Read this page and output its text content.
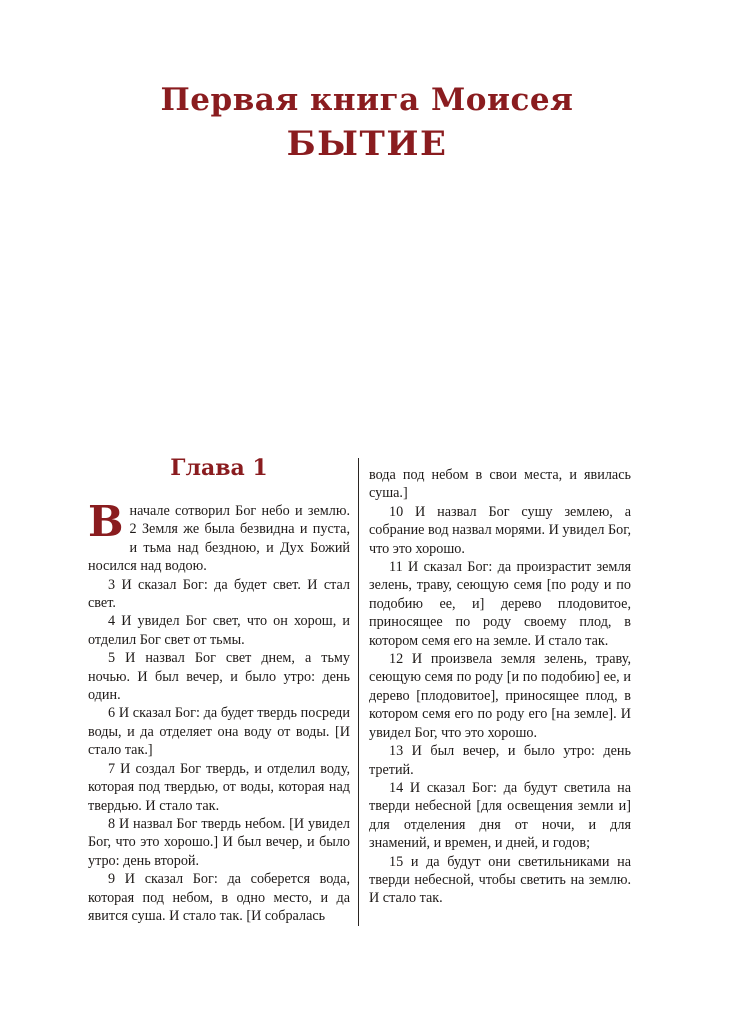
Первая книга Моисея
БЫТИЕ
Глава 1

Вначале сотворил Бог небо и землю. 2 Земля же была безвидна и пуста, и тьма над бездною, и Дух Божий носился над водою.

3 И сказал Бог: да будет свет. И стал свет.

4 И увидел Бог свет, что он хорош, и отделил Бог свет от тьмы.

5 И назвал Бог свет днем, а тьму ночью. И был вечер, и было утро: день один.

6 И сказал Бог: да будет твердь посреди воды, и да отделяет она воду от воды. [И стало так.]

7 И создал Бог твердь, и отделил воду, которая под твердью, от воды, которая над твердью. И стало так.

8 И назвал Бог твердь небом. [И увидел Бог, что это хорошо.] И был вечер, и было утро: день второй.

9 И сказал Бог: да соберется вода, которая под небом, в одно место, и да явится суша. И стало так. [И собралась

вода под небом в свои места, и явилась суша.]

10 И назвал Бог сушу землею, а собрание вод назвал морями. И увидел Бог, что это хорошо.

11 И сказал Бог: да произрастит земля зелень, траву, сеющую семя [по роду и по подобию ее, и] дерево плодовитое, приносящее по роду своему плод, в котором семя его на земле. И стало так.

12 И произвела земля зелень, траву, сеющую семя по роду [и по подобию] ее, и дерево [плодовитое], приносящее плод, в котором семя его по роду его [на земле]. И увидел Бог, что это хорошо.

13 И был вечер, и было утро: день третий.

14 И сказал Бог: да будут светила на тверди небесной [для освещения земли и] для отделения дня от ночи, и для знамений, и времен, и дней, и годов;

15 и да будут они светильниками на тверди небесной, чтобы светить на землю. И стало так.
